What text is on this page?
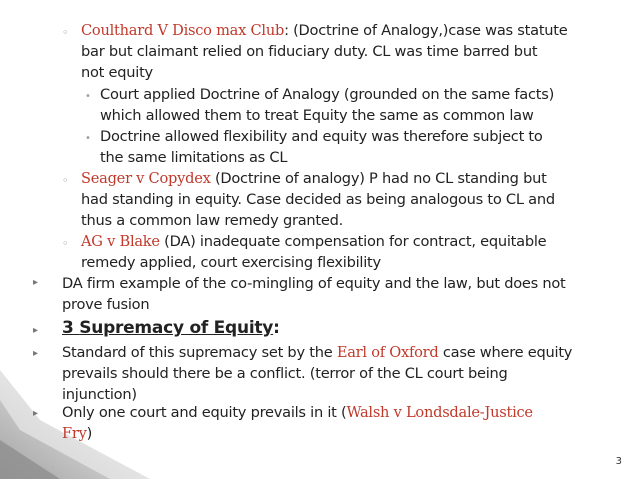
◦ Coulthard V Disco max Club: (Doctrine of Analogy,)case was statute
bar but claimant relied on fiduciary duty. CL was time barred but
not equity
• Court applied Doctrine of Analogy (grounded on the same facts)
which allowed them to treat Equity the same as common law
• Doctrine allowed flexibility and equity was therefore subject to
the same limitations as CL
◦ Seager v Copydex (Doctrine of analogy) P had no CL standing but
had standing in equity. Case decided as being analogous to CL and
thus a common law remedy granted.
◦ AG v Blake (DA) inadequate compensation for contract, equitable
remedy applied, court exercising flexibility
▸ DA firm example of the co-mingling of equity and the law, but does not
prove fusion
▸ 3 Supremacy of Equity:
▸ Standard of this supremacy set by the Earl of Oxford case where equity
prevails should there be a conflict. (terror of the CL court being
injunction)
▸ Only one court and equity prevails in it (Walsh v Londsdale-Justice
Fry)
3
